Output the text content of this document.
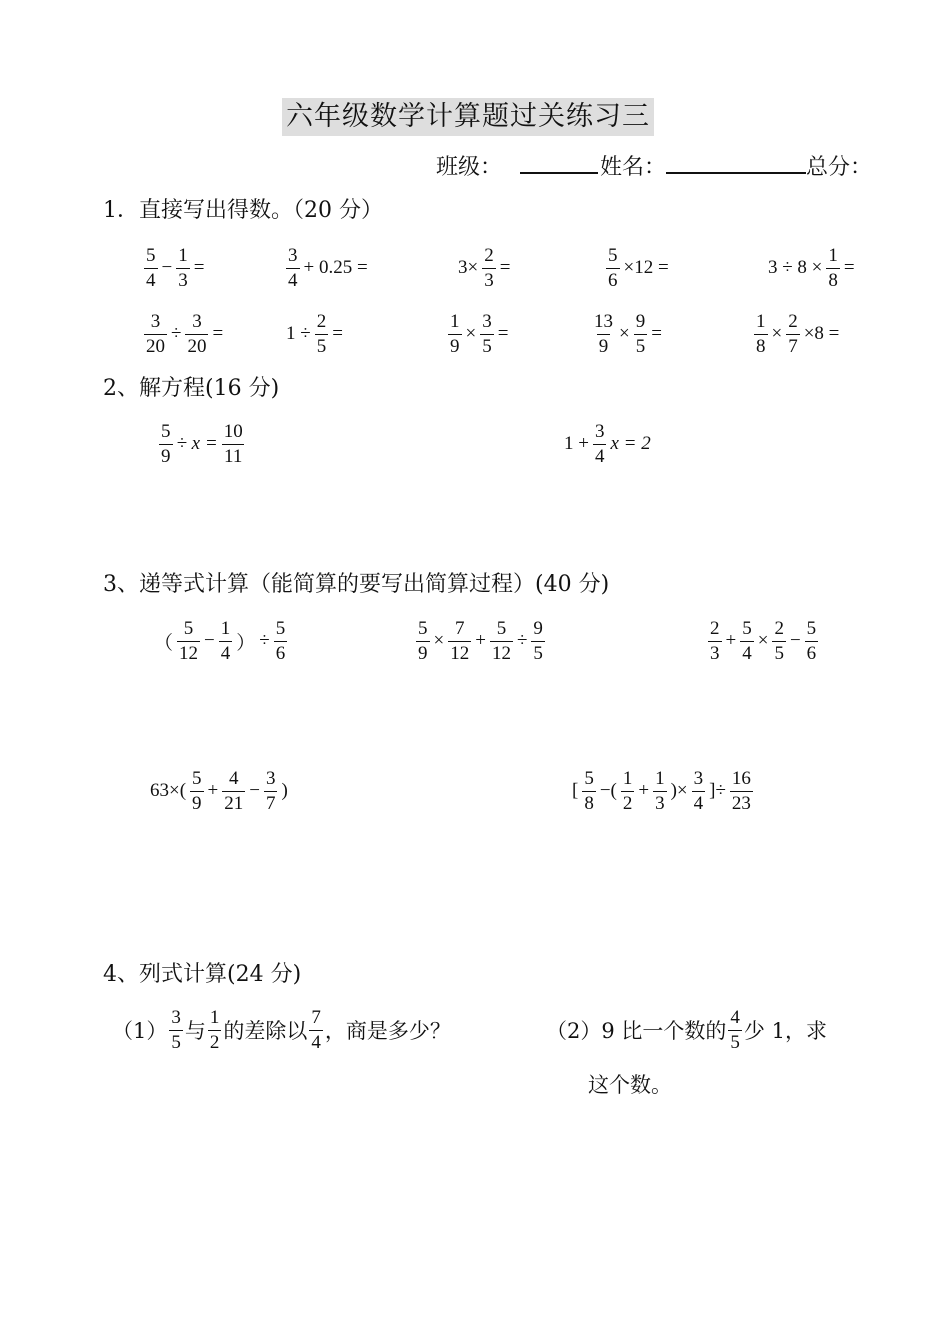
六年级数学计算题过关练习三
班级：	姓名：	总分：
1．直接写出得数。（20 分）
$\frac{5}{4} - \frac{1}{3}$ =	$\frac{3}{4} + 0.25$ =	$3\times \frac{2}{3}$ =	$\frac{5}{6} \times 12$ =	$3 \div 8 \times \frac{1}{8}$ =
$\frac{3}{20} \div \frac{3}{20}$ =	$1 \div \frac{2}{5}$ =	$\frac{1}{9} \times \frac{3}{5}$ =	$\frac{13}{9} \times \frac{9}{5}$ =	$\frac{1}{8} \times \frac{2}{7} \times 8$ =
2、解方程(16 分)
$\frac{5}{9} \div x = \frac{10}{11}$	$1 + \frac{3}{4}$ x = 2
3、递等式计算（能简算的要写出简算过程）(40 分)
（ $\frac{5}{12} - \frac{1}{4}$ ） ÷ $\frac{5}{6}$	$\frac{5}{9} \times \frac{7}{12} + \frac{5}{12} \div \frac{9}{5}$	$\frac{2}{3} + \frac{5}{4} \times \frac{2}{5} - \frac{5}{6}$
$63\times( \frac{5}{9} + \frac{4}{21} - \frac{3}{7}$ )	[ $\frac{5}{8}$ −( $\frac{1}{2} + \frac{1}{3}$ )× $\frac{3}{4}$ ]÷ $\frac{16}{23}$
4、列式计算(24 分)
$(1) \frac{3}{5}$ 与 $\frac{1}{2}$ 的差除以 $\frac{7}{4}$ ，商是多少？	（2）9 比一个数的 $\frac{4}{5}$ 少 1，求
这个数。
